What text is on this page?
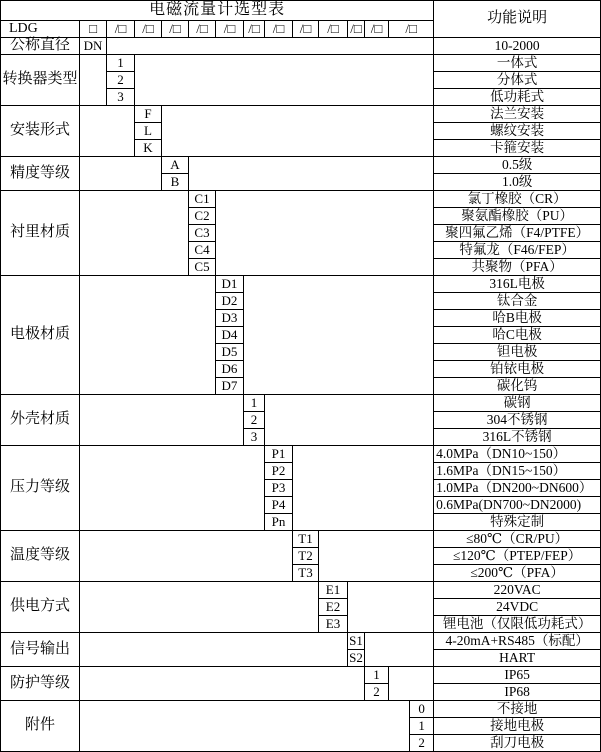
电磁流量计选型表															功能说明
LDG	□	/□	/□	/□	/□	/□	/□	/□	/□	/□	/□	/□	/□		
公称直径	DN														10-2000
转换器类型		1													一体式
		2													分体式
		3													低功耗式
安装形式			F												法兰安装
			L												螺纹安装
			K												卡箍安装
精度等级				A											0.5级
				B											1.0级
衬里材质					C1										氯丁橡胶（CR）
					C2										聚氨酯橡胶（PU）
					C3										聚四氟乙烯（F4/PTFE）
					C4										特氟龙（F46/FEP）
					C5										共聚物（PFA）
电极材质						D1									316L电极
						D2									钛合金
						D3									哈B电极
						D4									哈C电极
						D5									钽电极
						D6									铂铱电极
						D7									碳化钨
外壳材质							1								碳钢
							2								304不锈钢
							3								316L不锈钢
压力等级								P1							4.0MPa（DN10~150）
								P2							1.6MPa（DN15~150）
								P3							1.0MPa（DN200~DN600）
								P4							0.6MPa(DN700~DN2000)
								Pn							特殊定制
温度等级									T1						≤80℃（CR/PU）
									T2						≤120℃（PTEP/FEP）
									T3						≤200℃（PFA）
供电方式										E1					220VAC
										E2					24VDC
										E3					锂电池（仅限低功耗式）
信号输出											S1				4-20mA+RS485（标配）
											S2				HART
防护等级												1			IP65
												2			IP68
附件														0	不接地
														1	接地电极
														2	刮刀电极
